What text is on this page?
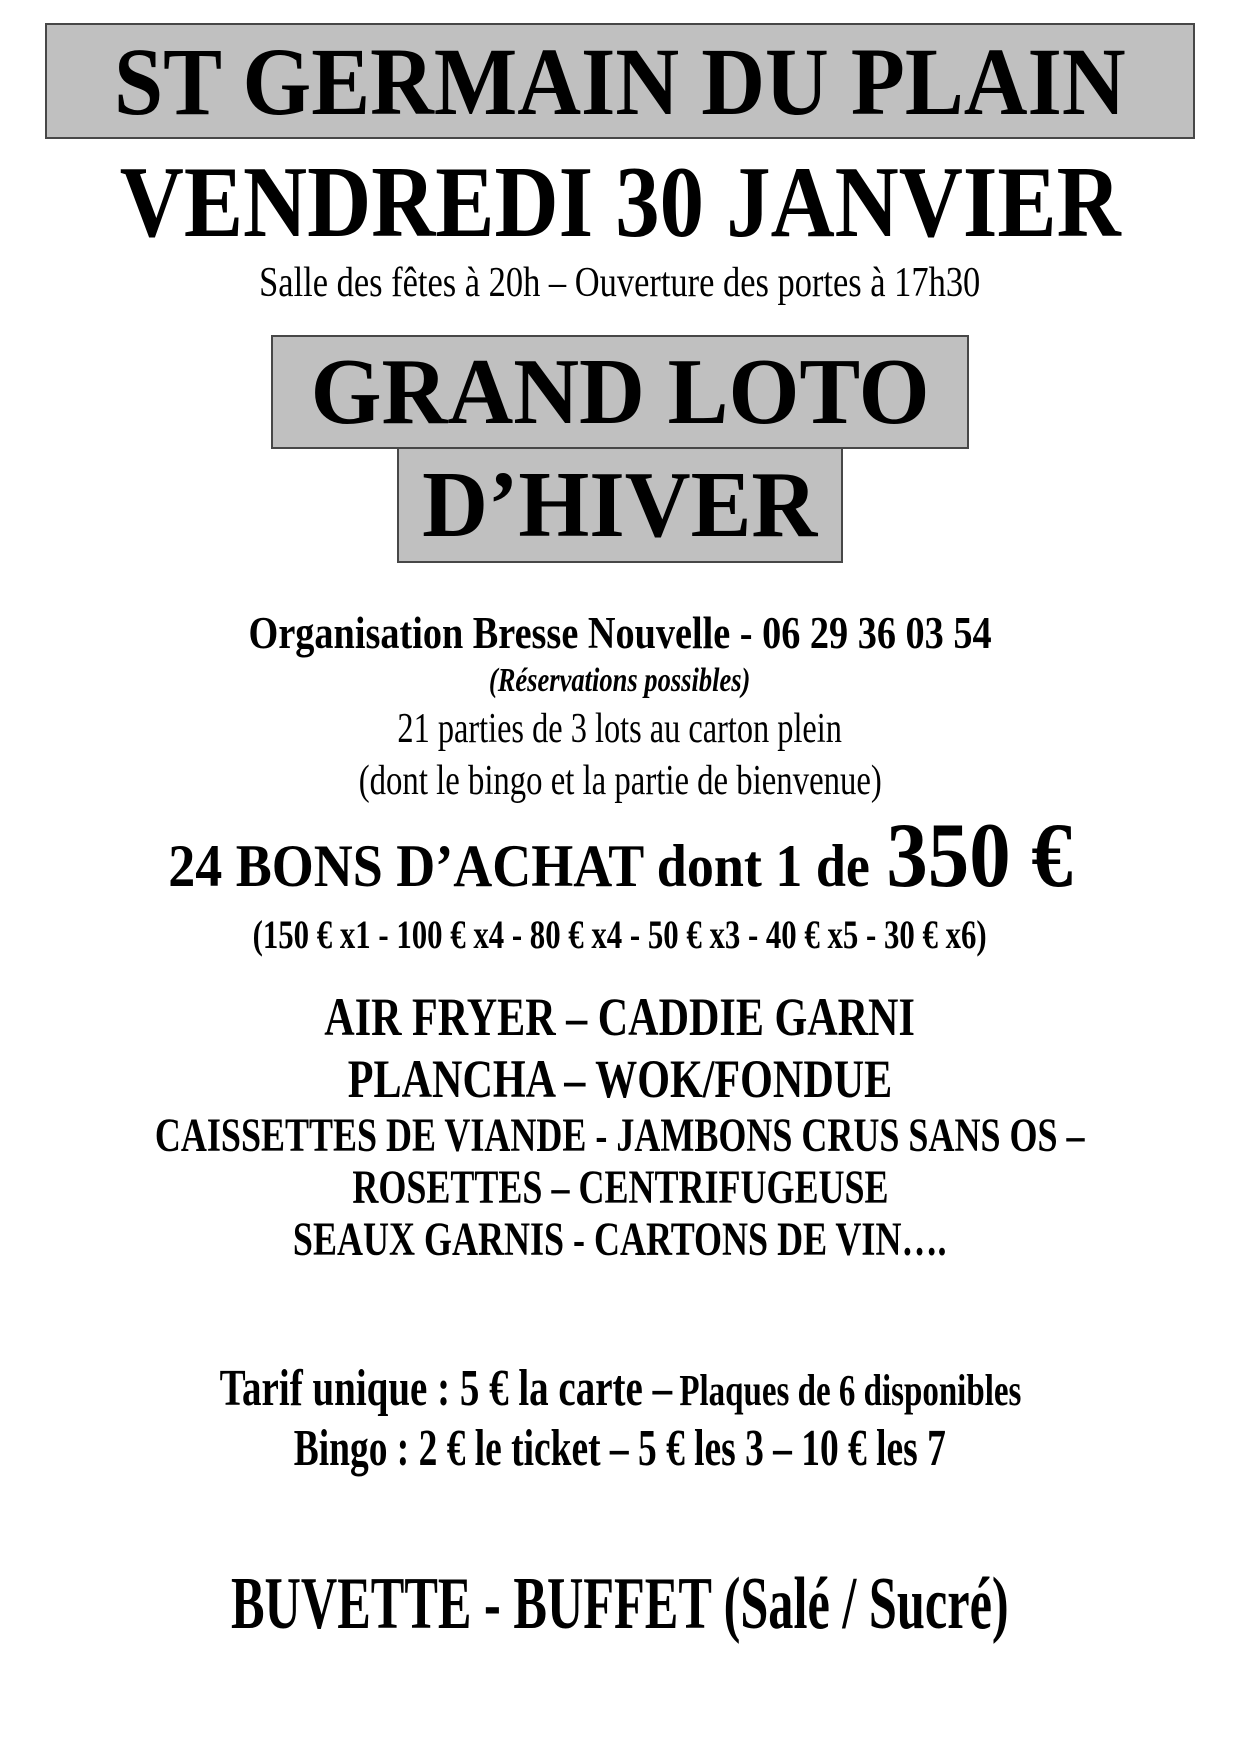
ST GERMAIN DU PLAIN
VENDREDI 30 JANVIER
Salle des fêtes à 20h – Ouverture des portes à 17h30
GRAND LOTO
D’HIVER
Organisation Bresse Nouvelle - 06 29 36 03 54
(Réservations possibles)
21 parties de 3 lots au carton plein
(dont le bingo et la partie de bienvenue)
24 BONS D’ACHAT dont 1 de 350 €
(150 € x1 - 100 € x4 - 80 € x4 - 50 € x3 - 40 € x5 - 30 € x6)
AIR FRYER – CADDIE GARNI
PLANCHA – WOK/FONDUE
CAISSETTES DE VIANDE - JAMBONS CRUS SANS OS –
ROSETTES – CENTRIFUGEUSE
SEAUX GARNIS - CARTONS DE VIN….
Tarif unique : 5 € la carte – Plaques de 6 disponibles
Bingo : 2 € le ticket – 5 € les 3 – 10 € les 7
BUVETTE - BUFFET (Salé / Sucré)
